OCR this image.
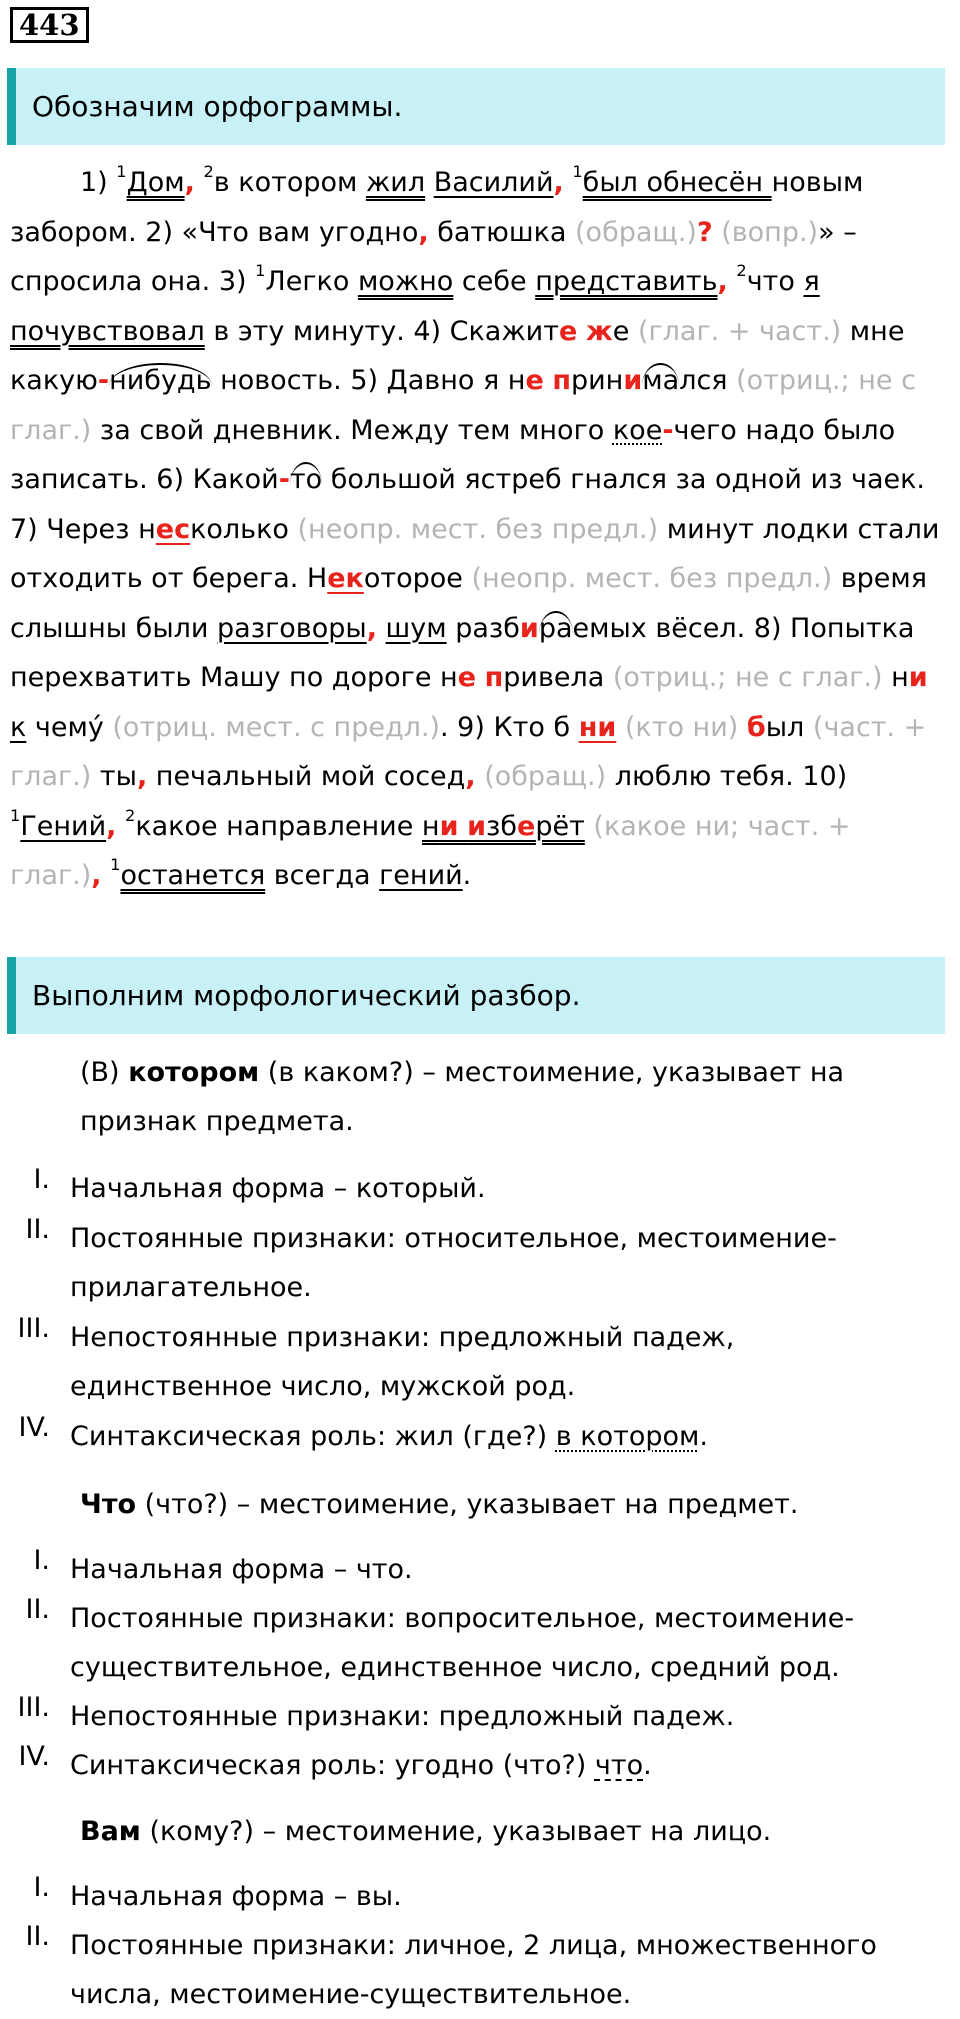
443
Обозначим орфограммы.
1) $^1$Дом, $^2$в котором жил Василий, $^1$был обнесён новым забором. 2) «Что вам угодно, батюшка (обращ.)? (вопр.)» – спросила она. 3) $^1$Легко можно себе представить, $^2$что я почувствовал в эту минуту. 4) Скажите же (глаг. + част.) мне какую-нибудь новость. 5) Давно я не принимался (отриц.; не с глаг.) за свой дневник. Между тем много кое-чего надо было записать. 6) Какой-то большой ястреб гнался за одной из чаек. 7) Через несколько (неопр. мест. без предл.) минут лодки стали отходить от берега. Некоторое (неопр. мест. без предл.) время слышны были разговоры, шум разбираемых вёсел. 8) Попытка перехватить Машу по дороге не привела (отриц.; не с глаг.) ни к чемý (отриц. мест. с предл.). 9) Кто б ни (кто ни) был (част. + глаг.) ты, печальный мой сосед, (обращ.) люблю тебя. 10) $^1$Гений, $^2$какое направление ни изберёт (какое ни; част. + глаг.), $^1$останется всегда гений.
Выполним морфологический разбор.
(В) котором (в каком?) – местоимение, указывает на признак предмета.
I. Начальная форма – который.
II. Постоянные признаки: относительное, местоимение-прилагательное.
III. Непостоянные признаки: предложный падеж, единственное число, мужской род.
IV. Синтаксическая роль: жил (где?) в котором.
Что (что?) – местоимение, указывает на предмет.
I. Начальная форма – что.
II. Постоянные признаки: вопросительное, местоимение-существительное, единственное число, средний род.
III. Непостоянные признаки: предложный падеж.
IV. Синтаксическая роль: угодно (что?) что.
Вам (кому?) – местоимение, указывает на лицо.
I. Начальная форма – вы.
II. Постоянные признаки: личное, 2 лица, множественного числа, местоимение-существительное.
